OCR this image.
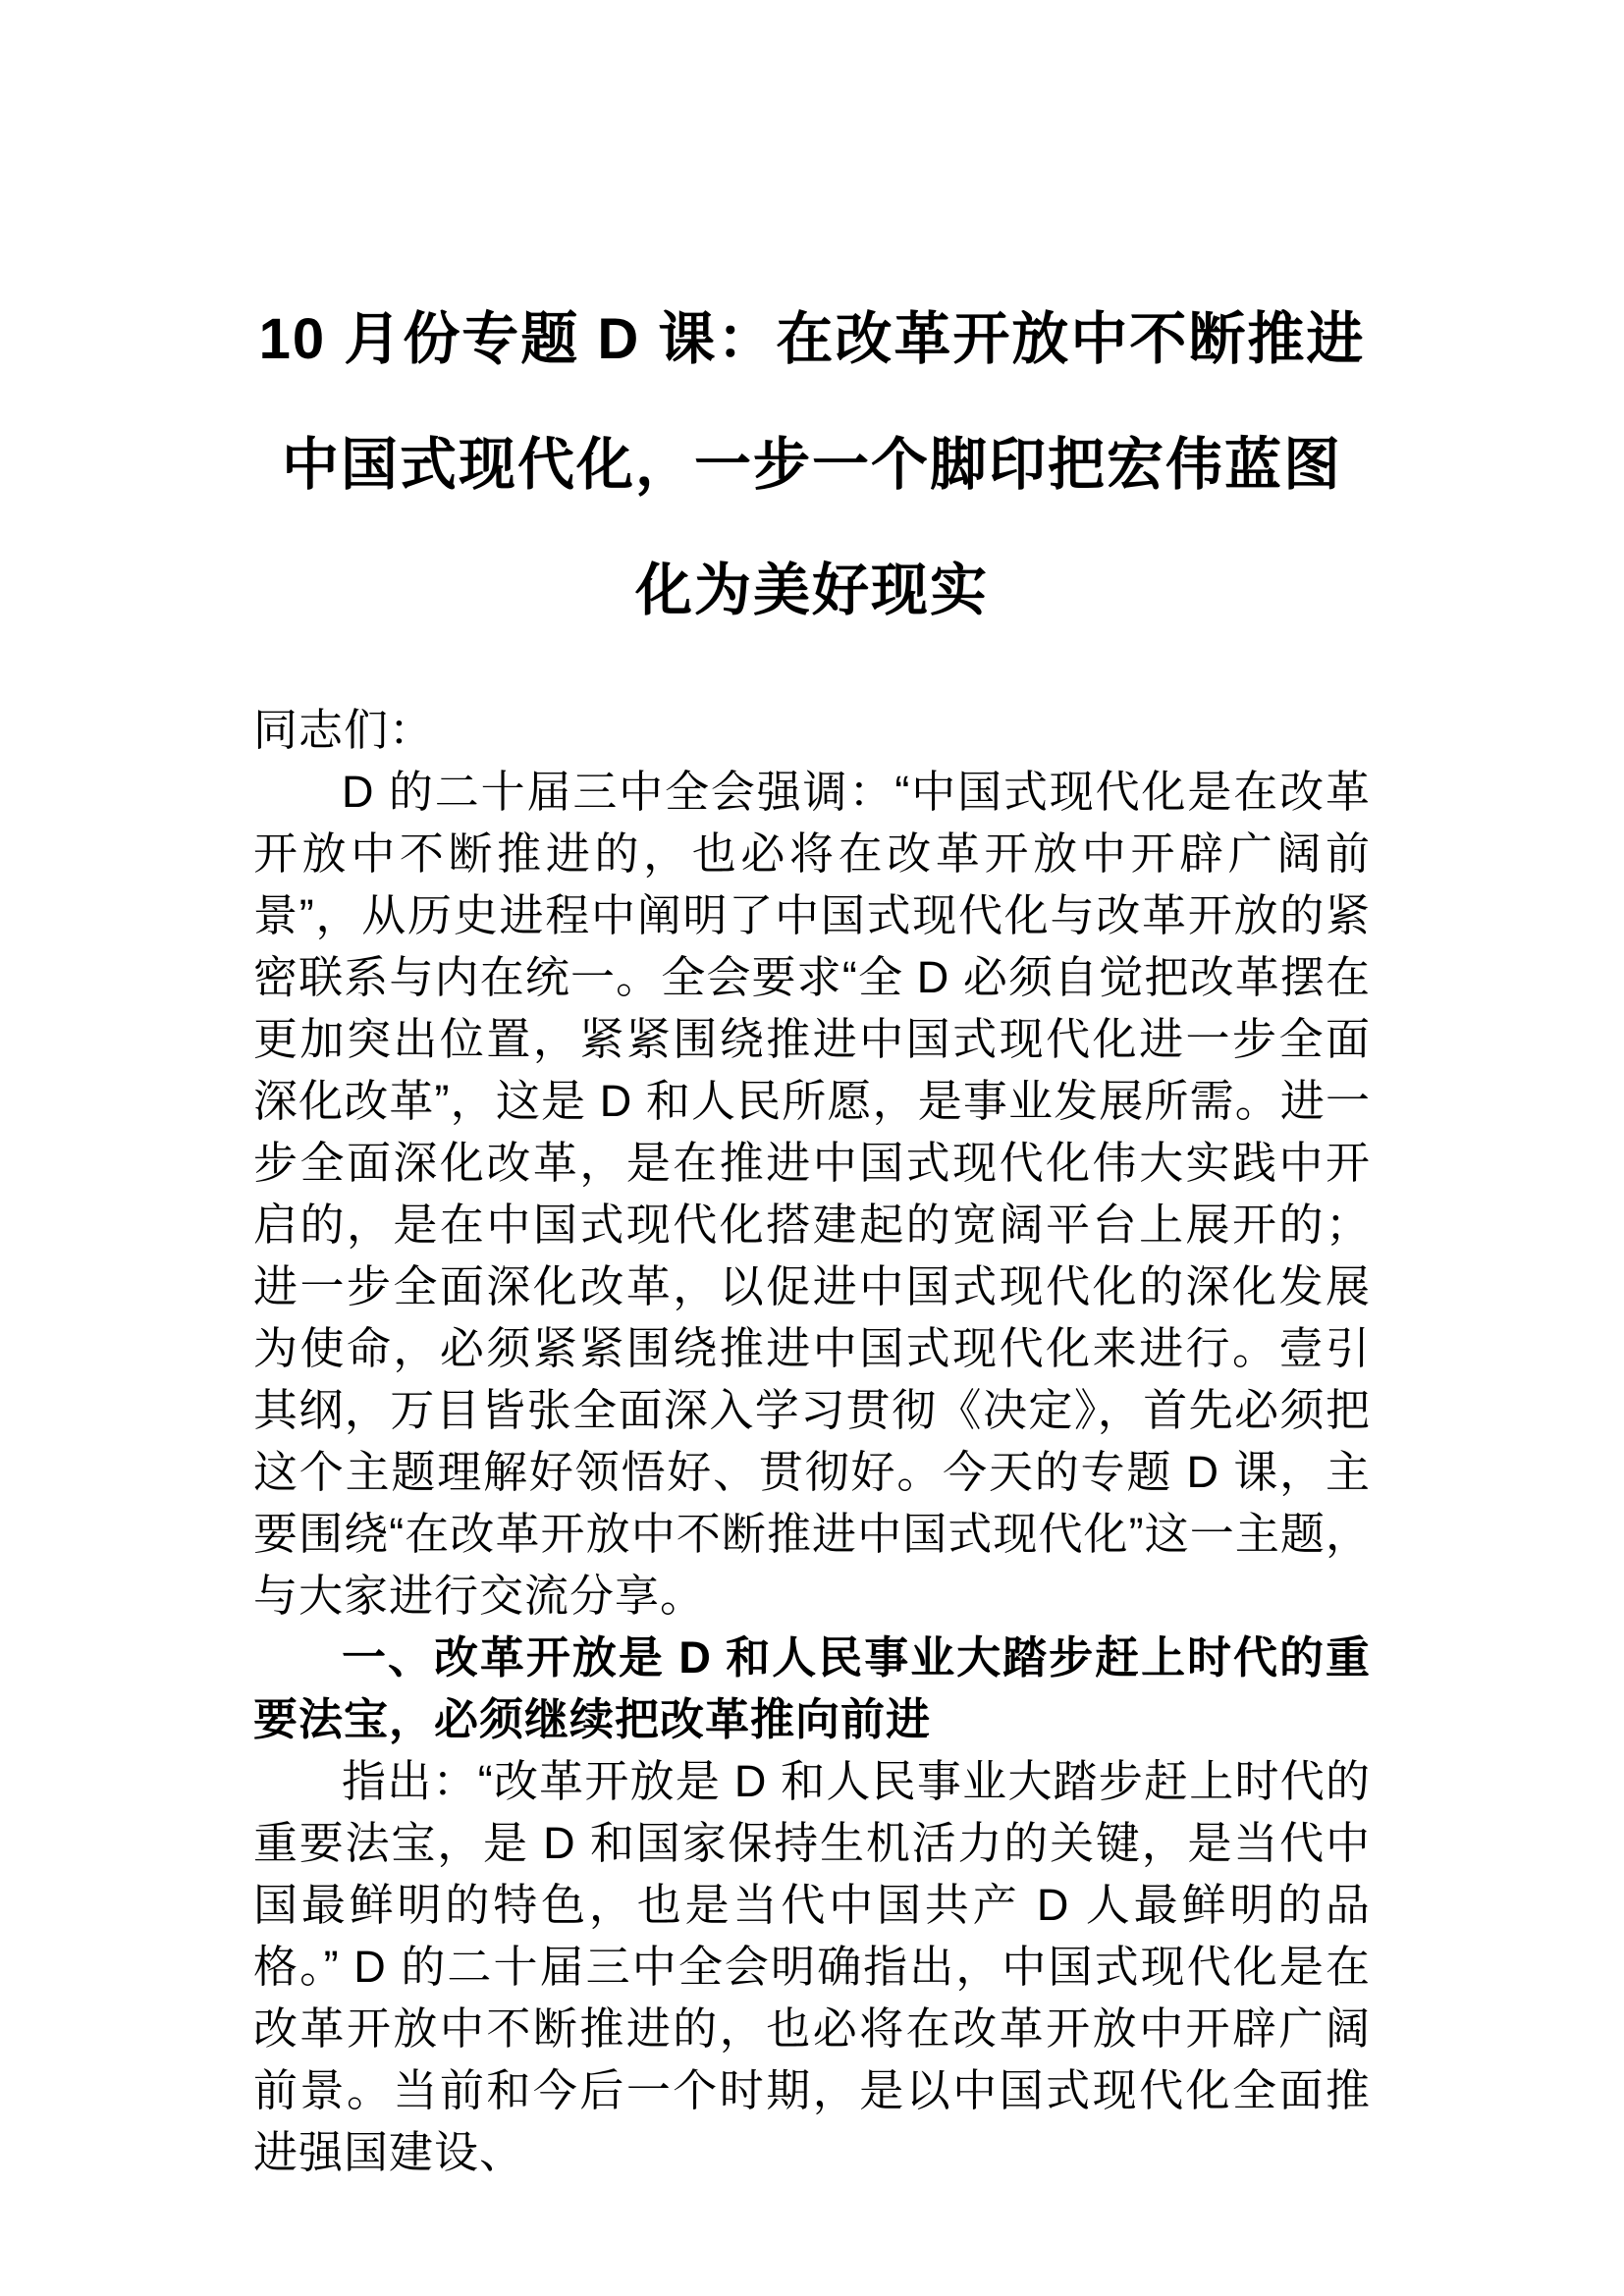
10 月份专题 D 课：在改革开放中不断推进
中国式现代化，一步一个脚印把宏伟蓝图
化为美好现实

同志们：

D 的二十届三中全会强调：“中国式现代化是在改革开放中不断推进的，也必将在改革开放中开辟广阔前景”，从历史进程中阐明了中国式现代化与改革开放的紧密联系与内在统一。全会要求“全 D 必须自觉把改革摆在更加突出位置，紧紧围绕推进中国式现代化进一步全面深化改革”，这是 D 和人民所愿，是事业发展所需。进一步全面深化改革，是在推进中国式现代化伟大实践中开启的，是在中国式现代化搭建起的宽阔平台上展开的；进一步全面深化改革，以促进中国式现代化的深化发展为使命，必须紧紧围绕推进中国式现代化来进行。壹引其纲，万目皆张全面深入学习贯彻《决定》，首先必须把这个主题理解好领悟好、贯彻好。今天的专题 D 课，主要围绕“在改革开放中不断推进中国式现代化”这一主题，与大家进行交流分享。

一、改革开放是 D 和人民事业大踏步赶上时代的重要法宝，必须继续把改革推向前进

指出：“改革开放是 D 和人民事业大踏步赶上时代的重要法宝，是 D 和国家保持生机活力的关键，是当代中国最鲜明的特色，也是当代中国共产 D 人最鲜明的品格。” D 的二十届三中全会明确指出，中国式现代化是在改革开放中不断推进的，也必将在改革开放中开辟广阔前景。当前和今后一个时期，是以中国式现代化全面推进强国建设、
